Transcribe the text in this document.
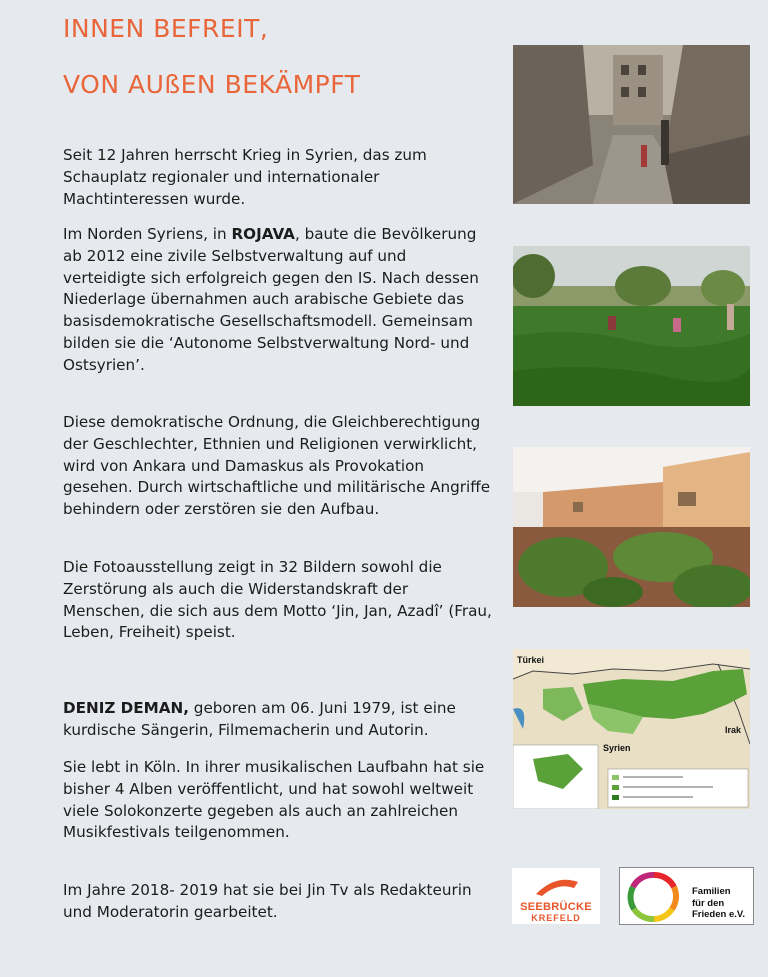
INNEN BEFREIT,
VON AUßEN BEKÄMPFT

Seit 12 Jahren herrscht Krieg in Syrien, das zum Schauplatz regionaler und internationaler Machtinteressen wurde.

Im Norden Syriens, in ROJAVA, baute die Bevölkerung ab 2012 eine zivile Selbstverwaltung auf und verteidigte sich erfolgreich gegen den IS. Nach dessen Niederlage übernahmen auch arabische Gebiete das basisdemokratische Gesellschaftsmodell. Gemeinsam bilden sie die ‘Autonome Selbstverwaltung Nord- und Ostsyrien’.

Diese demokratische Ordnung, die Gleichberechtigung der Geschlechter, Ethnien und Religionen verwirklicht, wird von Ankara und Damaskus als Provokation gesehen. Durch wirtschaftliche und militärische Angriffe behindern oder zerstören sie den Aufbau.

Die Fotoausstellung zeigt in 32 Bildern sowohl die Zerstörung als auch die Widerstandskraft der Menschen, die sich aus dem Motto ‘Jin, Jan, Azadî’ (Frau, Leben, Freiheit) speist.

DENIZ DEMAN, geboren am 06. Juni 1979, ist eine kurdische Sängerin, Filmemacherin und Autorin.

Sie lebt in Köln. In ihrer musikalischen Laufbahn hat sie bisher 4 Alben veröffentlicht, und hat sowohl weltweit viele Solokonzerte gegeben als auch an zahlreichen Musikfestivals teilgenommen.

Im Jahre 2018- 2019 hat sie bei Jin Tv als Redakteurin und Moderatorin gearbeitet.

Türkei
Irak
Syrien
SEEBRÜCKE
KREFELD
Familien
für den
Frieden e.V.
